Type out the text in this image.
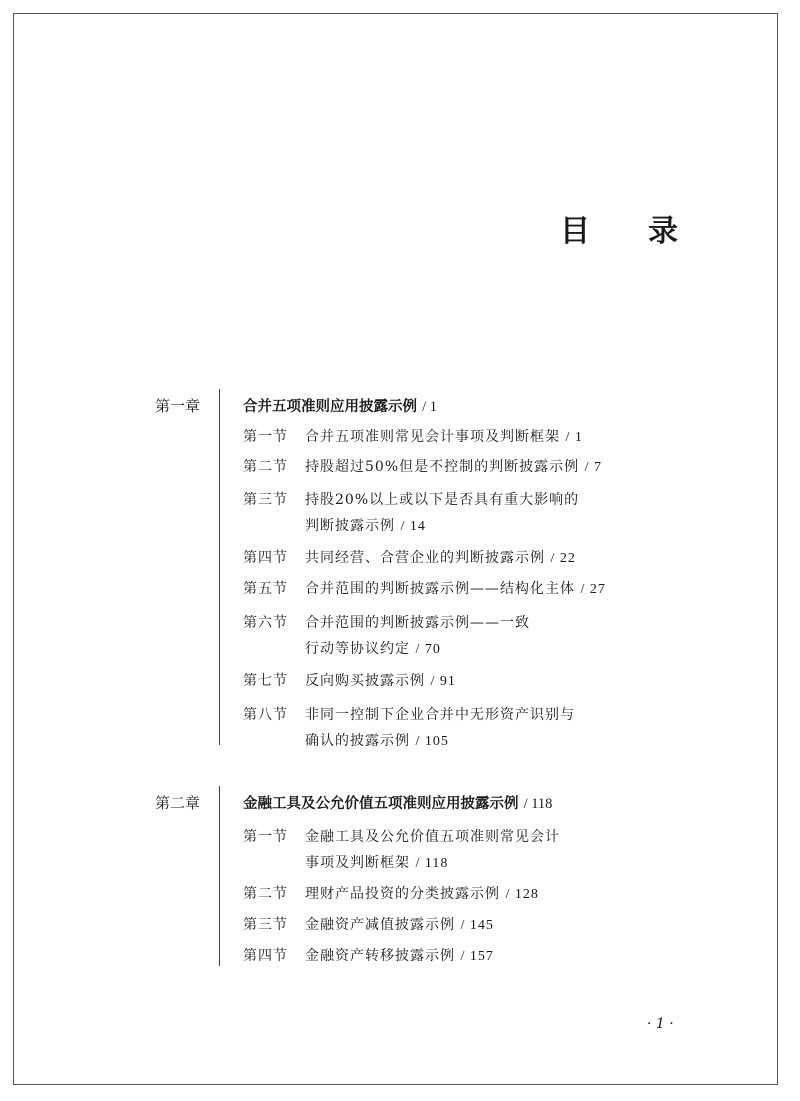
目 录
第一章	合并五项准则应用披露示例 / 1
第一节 合并五项准则常见会计事项及判断框架 / 1
第二节 持股超过50%但是不控制的判断披露示例 / 7
第三节 持股20%以上或以下是否具有重大影响的
判断披露示例 / 14
第四节 共同经营、合营企业的判断披露示例 / 22
第五节 合并范围的判断披露示例——结构化主体 / 27
第六节 合并范围的判断披露示例——一致
行动等协议约定 / 70
第七节 反向购买披露示例 / 91
第八节 非同一控制下企业合并中无形资产识别与
确认的披露示例 / 105
第二章	金融工具及公允价值五项准则应用披露示例 / 118
第一节 金融工具及公允价值五项准则常见会计
事项及判断框架 / 118
第二节 理财产品投资的分类披露示例 / 128
第三节 金融资产减值披露示例 / 145
第四节 金融资产转移披露示例 / 157
· 1 ·
